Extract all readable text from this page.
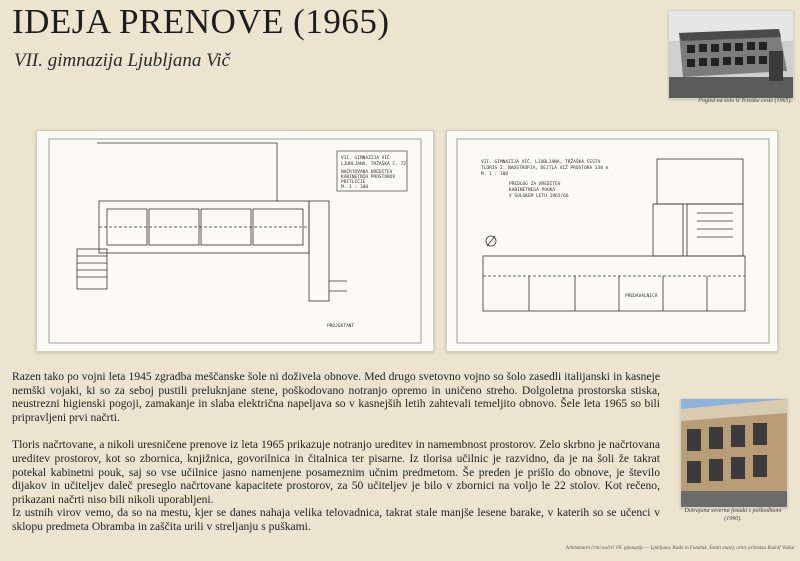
IDEJA PRENOVE (1965)
VII. gimnazija Ljubljana Vič
Pogled na šolo iz Tržaške ceste (1965).
VII. GIMNAZIJA VIČ
LJUBLJANA, TRŽAŠKA C. 72
NAČRTOVANA UREDITEV
KABINETNIH PROSTOROV
PRITLIČJE
M. 1 : 100
PROJEKTANT
VII. GIMNAZIJA VIČ, LJUBLJANA, TRŽAŠKA CESTA
TLORIS 2. NADSTROPJA, DEJTLA VIŽ PROSTORA 330 m
M. 1 : 100
PREDLOG ZA UREDITEV
KABINETNEGA POUKA
V ŠOLSKEM LETU 1965/66
PREDAVALNICA

Razen tako po vojni leta 1945 zgradba meščanske šole ni doživela obnove. Med drugo svetovno vojno so šolo zasedli italijanski in kasneje nemški vojaki, ki so za seboj pustili preluknjane stene, poškodovano notranjo opremo in uničeno streho. Dolgoletna prostorska stiska, neustrezni higienski pogoji, zamakanje in slaba električna napeljava so v kasnejših letih zahtevali temeljito obnovo. Šele leta 1965 so bili pripravljeni prvi načrti.

Tloris načrtovane, a nikoli uresničene prenove iz leta 1965 prikazuje notranjo ureditev in namembnost prostorov. Zelo skrbno je načrtovana ureditev prostorov, kot so zbornica, knjižnica, govorilnica in čitalnica ter pisarne. Iz tlorisa učilnic je razvidno, da je na šoli že takrat potekal kabinetni pouk, saj so vse učilnice jasno namenjene posameznim učnim predmetom. Še preden je prišlo do obnove, je število dijakov in učiteljev daleč preseglo načrtovane kapacitete prostorov, za 50 učiteljev je bilo v zbornici na voljo le 22 stolov. Kot rečeno, prikazani načrti niso bili nikoli uporabljeni.

Iz ustnih virov vemo, da so na mestu, kjer se danes nahaja velika telovadnica, takrat stale manjše lesene barake, v katerih so se učenci v sklopu predmeta Obramba in zaščita urili v streljanju s puškami.

Dotrajana severna fasada s poškodbami (1990).
Arhitekturni črtni načrti VII. gimnazije — Ljubljana, Ruski in Fundnik, Šolski muzej, arhiv arhitekta Rudolf Volkar
